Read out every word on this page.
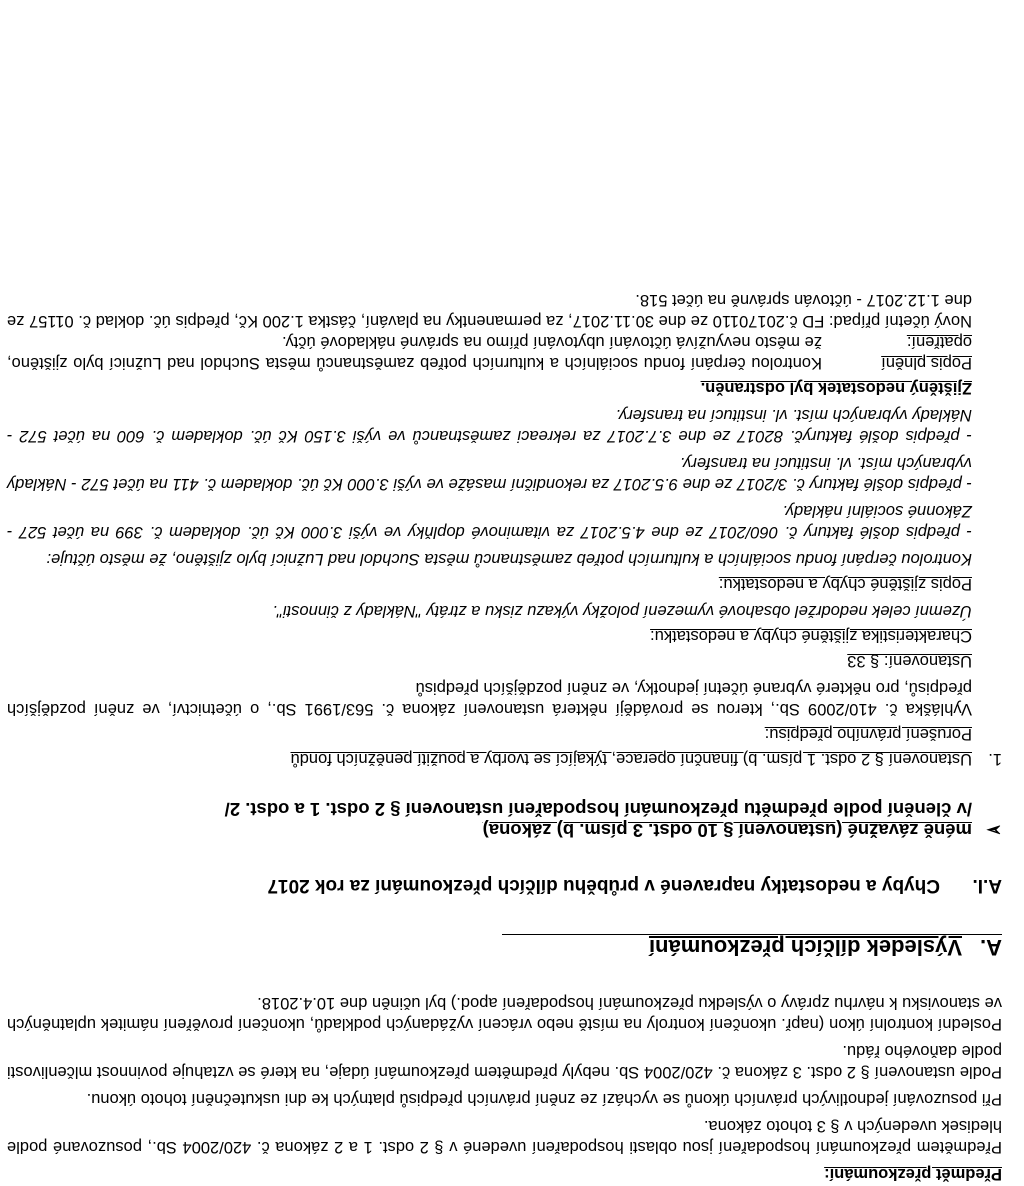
Předmět přezkoumání:

Předmětem přezkoumání hospodaření jsou oblasti hospodaření uvedené v § 2 odst. 1 a 2 zákona č. 420/2004 Sb., posuzované podle hledisek uvedených v § 3 tohoto zákona.

Při posuzování jednotlivých právních úkonů se vychází ze znění právních předpisů platných ke dni uskutečnění tohoto úkonu.

Podle ustanovení § 2 odst. 3 zákona č. 420/2004 Sb. nebyly předmětem přezkoumání údaje, na které se vztahuje povinnost mlčenlivosti podle daňového řádu.

Poslední kontrolní úkon (např. ukončení kontroly na místě nebo vrácení vyžádaných podkladů, ukončení prověření námitek uplatněných ve stanovisku k návrhu zprávy o výsledku přezkoumání hospodaření apod.) byl učiněn dne 10.4.2018.

A.
Výsledek dílčích přezkoumání
A.I.
Chyby a nedostatky napravené v průběhu dílčích přezkoumání za rok 2017
➢
méně závažné (ustanovení § 10 odst. 3 písm. b) zákona)
/v členění podle předmětu přezkoumání hospodaření ustanovení § 2 odst. 1 a odst. 2/
1.
Ustanovení § 2 odst. 1 písm. b) finanční operace, týkající se tvorby a použití peněžních fondů
Porušení právního předpisu:

Vyhláška č. 410/2009 Sb., kterou se provádějí některá ustanovení zákona č. 563/1991 Sb., o účetnictví, ve znění pozdějších předpisů, pro některé vybrané účetní jednotky, ve znění pozdějších předpisů

Ustanovení: § 33
Charakteristika zjištěné chyby a nedostatku:

Územní celek nedodržel obsahové vymezení položky výkazu zisku a ztráty "Náklady z činnosti".

Popis zjištěné chyby a nedostatku:

Kontrolou čerpání fondu sociálních a kulturních potřeb zaměstnanců města Suchdol nad Lužnicí bylo zjištěno, že město účtuje:

- předpis došlé faktury č. 060/2017 ze dne 4.5.2017 za vitaminové doplňky ve výši 3.000 Kč úč. dokladem č. 399 na účet 527 - Zákonné sociální náklady.

- předpis došlé faktury č. 3/2017 ze dne 9.5.2017 za rekondiční masáže ve výši 3.000 Kč úč. dokladem č. 411 na účet 572 - Náklady vybraných míst. vl. institucí na transfery.

- předpis došlé fakturyč. 82017 ze dne 3.7.2017 za rekreaci zaměstnanců ve výši 3.150 Kč úč. dokladem č. 600 na účet 572 - Náklady vybraných míst. vl. institucí na transfery.

Zjištěný nedostatek byl odstraněn.
Popis plnění opatření:
Kontrolou čerpání fondu sociálních a kulturních potřeb zaměstnanců města Suchdol nad Lužnicí bylo zjištěno, že město nevyužívá účtování ubytování přímo na správné nákladové účty.

Nový účetní případ: FD č.20170110 ze dne 30.11.2017, za permanentky na plavání, částka 1.200 Kč, předpis úč. doklad č. 01157 ze dne 1.12.2017 - účtován správně na účet 518.
